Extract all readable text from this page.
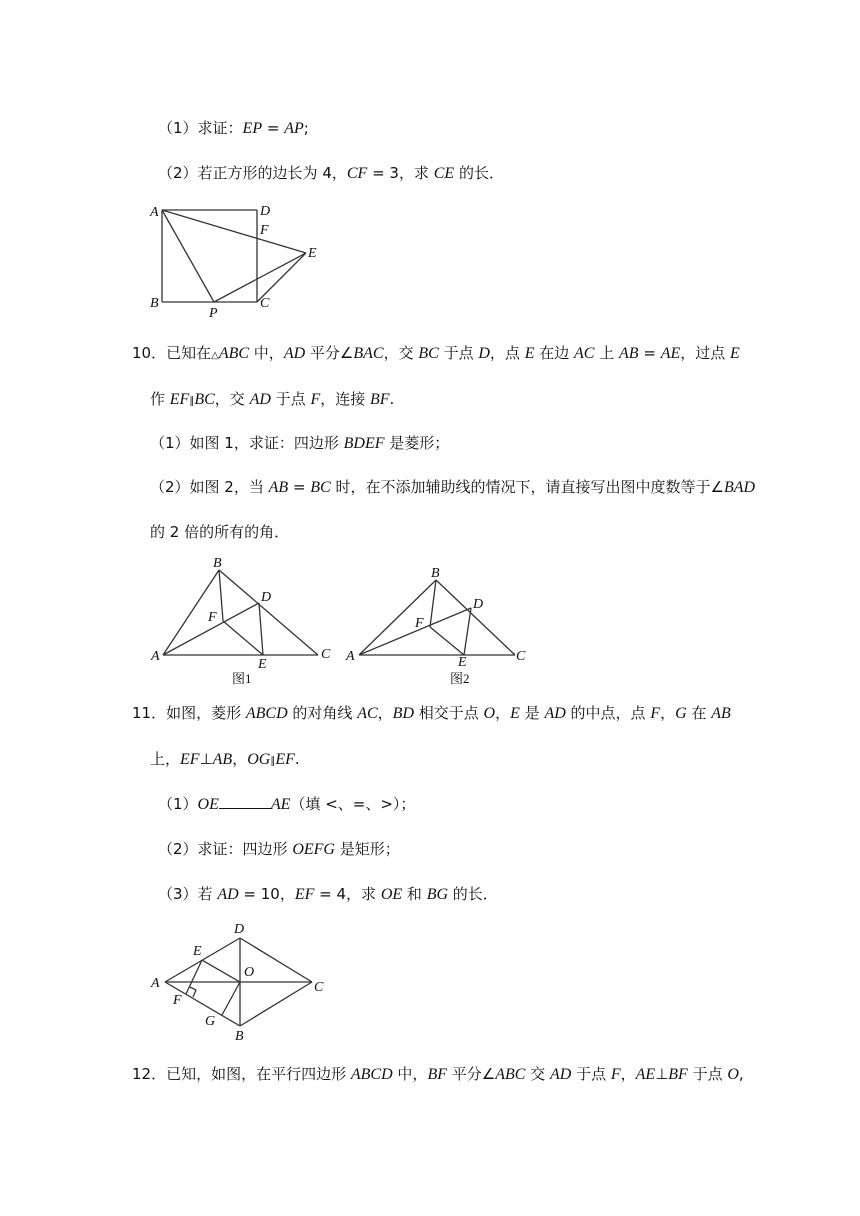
（1）求证：EP = AP;
（2）若正方形的边长为 4，CF = 3，求 CE 的长．
A	D
F
E
B
P
C
10．已知在△ABC 中，AD 平分∠BAC，交 BC 于点 D，点 E 在边 AC 上 AB = AE，过点 E
作 EF∥BC，交 AD 于点 F，连接 BF.
（1）如图 1，求证：四边形 BDEF 是菱形；
（2）如图 2，当 AB = BC 时，在不添加辅助线的情况下，请直接写出图中度数等于∠BAD
的 2 倍的所有的角．
A
B
C
D
E
F
图1
A
B
C
D
E
F
图2
11．如图，菱形 ABCD 的对角线 AC，BD 相交于点 O，E 是 AD 的中点，点 F，G 在 AB
上，EF⊥AB，OG∥EF.
（1）OE	AE（填 <、=、>）；
（2）求证：四边形 OEFG 是矩形；
（3）若 AD = 10，EF = 4，求 OE 和 BG 的长．
A
D
C
B
E
O
F
G
12．已知，如图，在平行四边形 ABCD 中，BF 平分∠ABC 交 AD 于点 F，AE⊥BF 于点 O,
